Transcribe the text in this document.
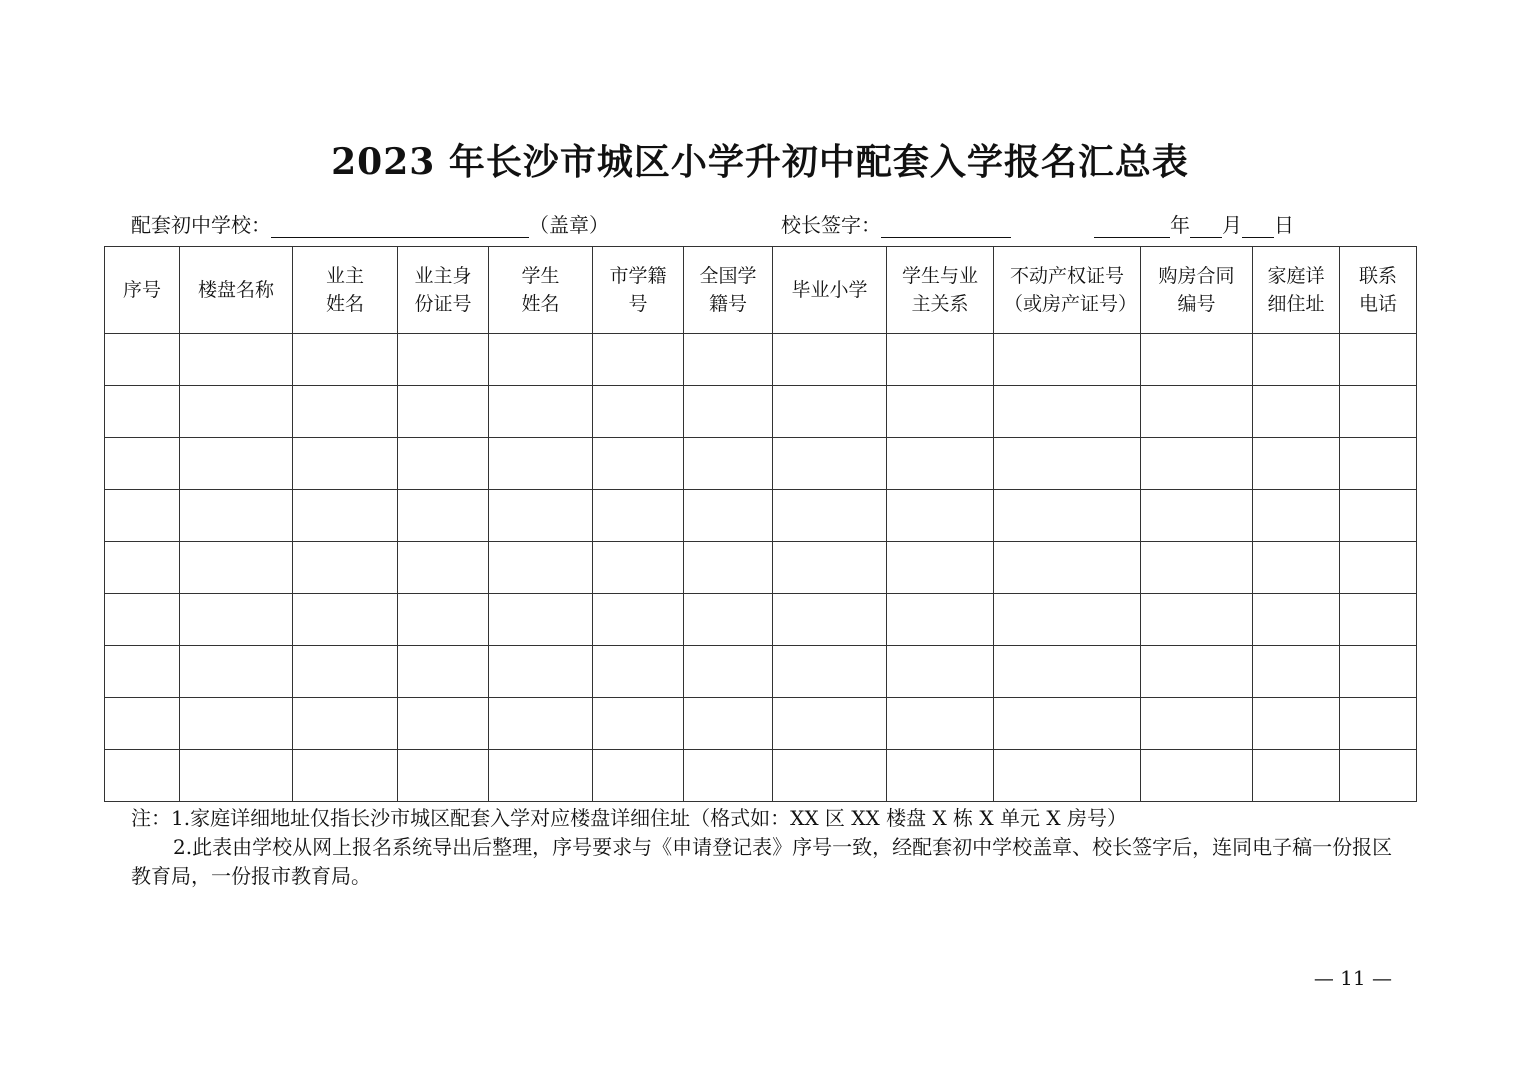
2023 年长沙市城区小学升初中配套入学报名汇总表
配套初中学校：	（盖章）	校长签字：	年 月 日
序号	楼盘名称	业主姓名	业主身份证号	学生姓名	市学籍号	全国学籍号	毕业小学	学生与业主关系	不动产权证号（或房产证号）	购房合同编号	家庭详细住址	联系电话

注：1.家庭详细地址仅指长沙市城区配套入学对应楼盘详细住址（格式如：XX 区 XX 楼盘 X 栋 X 单元 X 房号）

2.此表由学校从网上报名系统导出后整理，序号要求与《申请登记表》序号一致，经配套初中学校盖章、校长签字后，连同电子稿一份报区教育局，一份报市教育局。

— 11 —
